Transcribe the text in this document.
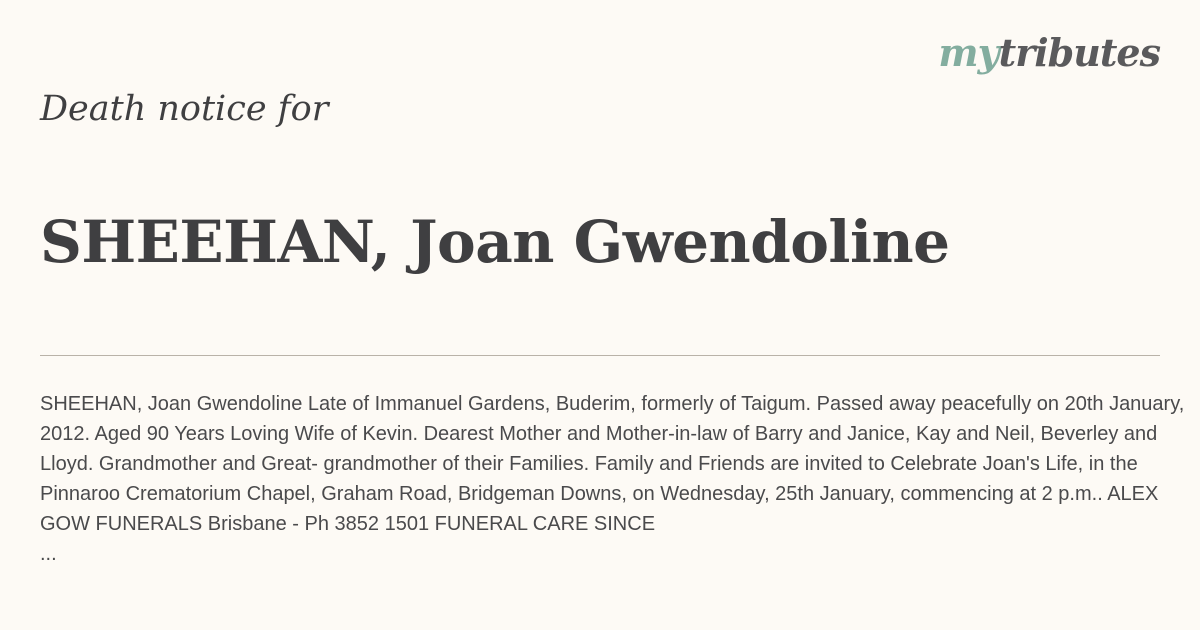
mytributes
Death notice for
SHEEHAN, Joan Gwendoline

SHEEHAN, Joan Gwendoline Late of Immanuel Gardens, Buderim, formerly of Taigum. Passed away peacefully on 20th January, 2012. Aged 90 Years Loving Wife of Kevin. Dearest Mother and Mother-in-law of Barry and Janice, Kay and Neil, Beverley and Lloyd. Grandmother and Great- grandmother of their Families. Family and Friends are invited to Celebrate Joan's Life, in the Pinnaroo Crematorium Chapel, Graham Road, Bridgeman Downs, on Wednesday, 25th January, commencing at 2 p.m.. ALEX GOW FUNERALS Brisbane - Ph 3852 1501 FUNERAL CARE SINCE
...
